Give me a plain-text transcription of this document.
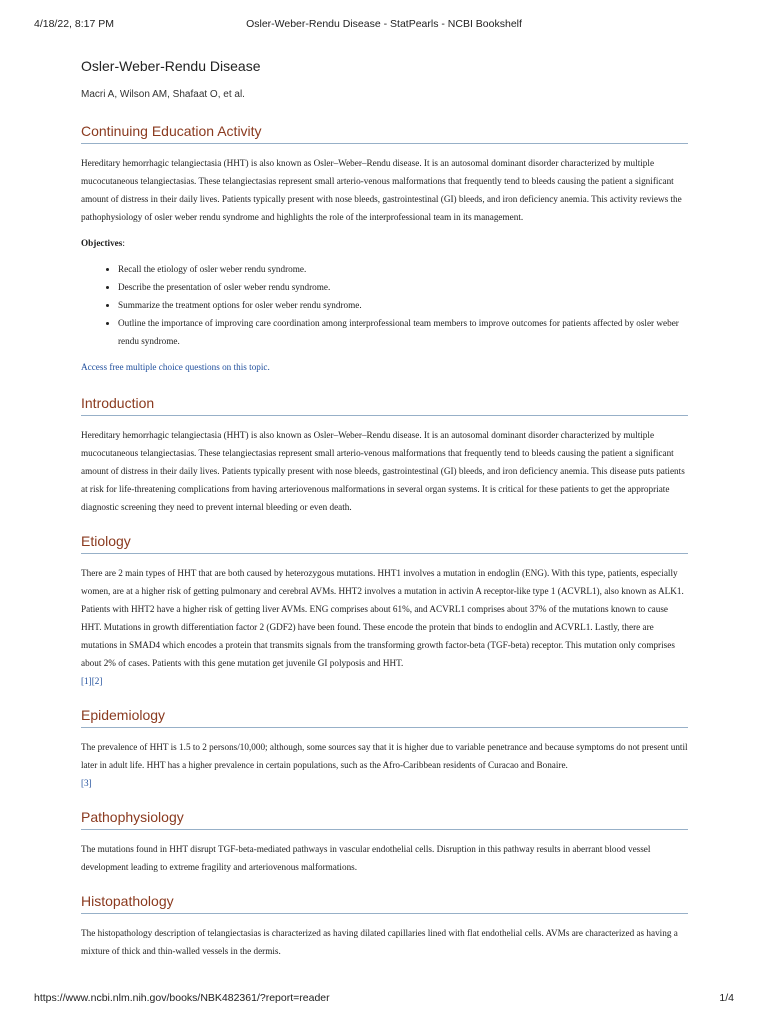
4/18/22, 8:17 PM	Osler-Weber-Rendu Disease - StatPearls - NCBI Bookshelf
Osler-Weber-Rendu Disease
Macri A, Wilson AM, Shafaat O, et al.
Continuing Education Activity

Hereditary hemorrhagic telangiectasia (HHT) is also known as Osler–Weber–Rendu disease. It is an autosomal dominant disorder characterized by multiple mucocutaneous telangiectasias. These telangiectasias represent small arterio-venous malformations that frequently tend to bleeds causing the patient a significant amount of distress in their daily lives. Patients typically present with nose bleeds, gastrointestinal (GI) bleeds, and iron deficiency anemia. This activity reviews the pathophysiology of osler weber rendu syndrome and highlights the role of the interprofessional team in its management.

Objectives:

• Recall the etiology of osler weber rendu syndrome.
• Describe the presentation of osler weber rendu syndrome.
• Summarize the treatment options for osler weber rendu syndrome.
• Outline the importance of improving care coordination among interprofessional team members to improve outcomes for patients affected by osler weber rendu syndrome.

Access free multiple choice questions on this topic.

Introduction

Hereditary hemorrhagic telangiectasia (HHT) is also known as Osler–Weber–Rendu disease. It is an autosomal dominant disorder characterized by multiple mucocutaneous telangiectasias. These telangiectasias represent small arterio-venous malformations that frequently tend to bleeds causing the patient a significant amount of distress in their daily lives. Patients typically present with nose bleeds, gastrointestinal (GI) bleeds, and iron deficiency anemia. This disease puts patients at risk for life-threatening complications from having arteriovenous malformations in several organ systems. It is critical for these patients to get the appropriate diagnostic screening they need to prevent internal bleeding or even death.

Etiology

There are 2 main types of HHT that are both caused by heterozygous mutations. HHT1 involves a mutation in endoglin (ENG). With this type, patients, especially women, are at a higher risk of getting pulmonary and cerebral AVMs. HHT2 involves a mutation in activin A receptor-like type 1 (ACVRL1), also known as ALK1. Patients with HHT2 have a higher risk of getting liver AVMs. ENG comprises about 61%, and ACVRL1 comprises about 37% of the mutations known to cause HHT. Mutations in growth differentiation factor 2 (GDF2) have been found. These encode the protein that binds to endoglin and ACVRL1. Lastly, there are mutations in SMAD4 which encodes a protein that transmits signals from the transforming growth factor-beta (TGF-beta) receptor. This mutation only comprises about 2% of cases. Patients with this gene mutation get juvenile GI polyposis and HHT.
[1][2]

Epidemiology

The prevalence of HHT is 1.5 to 2 persons/10,000; although, some sources say that it is higher due to variable penetrance and because symptoms do not present until later in adult life. HHT has a higher prevalence in certain populations, such as the Afro-Caribbean residents of Curacao and Bonaire.
[3]

Pathophysiology

The mutations found in HHT disrupt TGF-beta-mediated pathways in vascular endothelial cells. Disruption in this pathway results in aberrant blood vessel development leading to extreme fragility and arteriovenous malformations.

Histopathology

The histopathology description of telangiectasias is characterized as having dilated capillaries lined with flat endothelial cells. AVMs are characterized as having a mixture of thick and thin-walled vessels in the dermis.

https://www.ncbi.nlm.nih.gov/books/NBK482361/?report=reader	1/4
